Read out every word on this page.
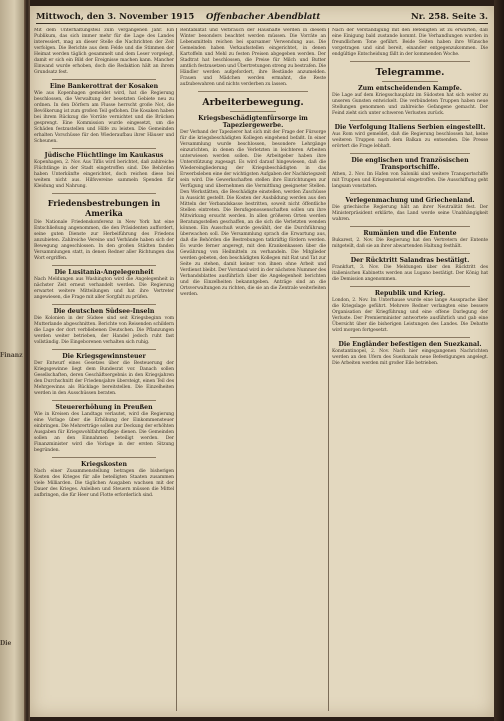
Finanz
Die
Mittwoch, den 3. November 1915 Offenbacher Abendblatt	Nr. 258. Seite 3.

Mit dem Unterhaltungsteil zum vergangenen Jahr. Ein Publikum, das sich immer mehr für die Lage des Landes interessiert, mag an dieser Stelle die Nachrichten der Zeit verfolgen. Die Berichte aus dem Felde und die Stimmen der Heimat werden täglich gesammelt und dem Leser vorgelegt, damit er sich ein Bild der Ereignisse machen kann. Mancher Einwand wurde erhoben, doch die Redaktion hält an ihrem Grundsatz fest.

Eine Bankerottrat der Kosaken

Wie aus Kopenhagen gemeldet wird, hat die Regierung beschlossen, die Verwaltung der besetzten Gebiete neu zu ordnen. In den Dörfern am Flusse herrscht große Not, die Bevölkerung ist zum großen Teil geflohen. Die Kosaken haben bei ihrem Rückzug die Vorräte vernichtet und die Brücken gesprengt. Eine Kommission wurde eingesetzt, um die Schäden festzustellen und Hilfe zu leisten. Die Gemeinden erhalten Vorschüsse für den Wiederaufbau ihrer Häuser und Scheunen.

Jüdische Flüchtlinge im Kaukasus

Kopenhagen, 2. Nov. Aus Tiflis wird berichtet, daß zahlreiche Flüchtlinge in der Stadt eingetroffen sind. Die Behörden haben Unterkünfte eingerichtet, doch reichen diese bei weitem nicht aus. Hilfsvereine sammeln Spenden für Kleidung und Nahrung.

Friedensbestrebungen in Amerika

Die Nationale Friedenskonferenz in New York hat eine Entschließung angenommen, die den Präsidenten auffordert, seine guten Dienste zur Herbeiführung des Friedens anzubieten. Zahlreiche Vereine und Verbände haben sich der Bewegung angeschlossen. In den großen Städten fanden Versammlungen statt, in denen Redner aller Richtungen das Wort ergriffen.

Die Lusitania-Angelegenheit

Nach Meldungen aus Washington wird die Angelegenheit in nächster Zeit erneut verhandelt werden. Die Regierung erwartet weitere Mitteilungen und hat ihre Vertreter angewiesen, die Frage mit aller Sorgfalt zu prüfen.

Die deutschen Südsee-Inseln

Die Kolonien in der Südsee sind seit Kriegsbeginn vom Mutterlande abgeschnitten. Berichte von Reisenden schildern die Lage der dort verbliebenen Deutschen. Die Pflanzungen werden weiter betrieben, der Handel jedoch ruht fast vollständig. Die Eingeborenen verhalten sich ruhig.

Die Kriegsgewinnsteuer

Der Entwurf eines Gesetzes über die Besteuerung der Kriegsgewinne liegt dem Bundesrat vor. Danach sollen Gesellschaften, deren Geschäftsergebnis in den Kriegsjahren den Durchschnitt der Friedensjahre übersteigt, einen Teil des Mehrgewinns als Rücklage bereitstellen. Die Einzelheiten werden in den Ausschüssen beraten.

Steuererhöhung in Preußen

Wie in Kreisen des Landtags verlautet, wird die Regierung eine Vorlage über die Erhöhung der Einkommensteuer einbringen. Die Mehrerträge sollen zur Deckung der erhöhten Ausgaben für Kriegswohlfahrtspflege dienen. Die Gemeinden sollen an den Einnahmen beteiligt werden. Der Finanzminister wird die Vorlage in der ersten Sitzung begründen.

Kriegskosten

Nach einer Zusammenstellung betragen die bisherigen Kosten des Krieges für alle beteiligten Staaten zusammen viele Milliarden. Die täglichen Ausgaben wachsen mit der Dauer des Krieges. Anleihen und Steuern müssen die Mittel aufbringen, die für Heer und Flotte erforderlich sind.

Rentabilität und Verbrauch der Haushalte werden in diesem Winter besonders beachtet werden müssen. Die Vorräte an Lebensmitteln reichen bei sparsamer Verwendung aus. Die Gemeinden haben Verkaufsstellen eingerichtet, in denen Kartoffeln und Mehl zu festen Preisen abgegeben werden. Der Stadtrat hat beschlossen, die Preise für Milch und Butter amtlich festzusetzen und Übertretungen streng zu bestrafen. Die Händler werden aufgefordert, ihre Bestände anzumelden. Frauen und Mädchen werden ermahnt, die Reste aufzubewahren und nichts verderben zu lassen.

Arbeiterbewegung.
Kriegsbeschädigtenfürsorge im Tapeziergewerbe.

Der Verband der Tapezierer hat sich mit der Frage der Fürsorge für die kriegsbeschädigten Kollegen eingehend befaßt. In einer Versammlung wurde beschlossen, besondere Lehrgänge einzurichten, in denen die Verletzten in leichteren Arbeiten unterwiesen werden sollen. Die Arbeitgeber haben ihre Unterstützung zugesagt. Es wird darauf hingewiesen, daß die Wiedereingliederung der Kriegsbeschädigten in das Erwerbsleben eine der wichtigsten Aufgaben der Nachkriegszeit sein wird. Die Gewerkschaften stellen ihre Einrichtungen zur Verfügung und übernehmen die Vermittlung geeigneter Stellen. Den Werkstätten, die Beschädigte einstellen, werden Zuschüsse in Aussicht gestellt. Die Kosten der Ausbildung werden aus den Mitteln der Verbandskasse bestritten, soweit nicht öffentliche Stellen eintreten. Die Berufsgenossenschaften sollen um ihre Mitwirkung ersucht werden. In allen größeren Orten werden Beratungsstellen geschaffen, an die sich die Verletzten wenden können. Ein Ausschuß wurde gewählt, der die Durchführung überwachen soll. Die Versammlung sprach die Erwartung aus, daß die Behörden die Bestrebungen tatkräftig fördern werden. Es wurde ferner angeregt, mit den Krankenkassen über die Gewährung von Heilmitteln zu verhandeln. Die Mitglieder werden gebeten, den beschädigten Kollegen mit Rat und Tat zur Seite zu stehen, damit keiner von ihnen ohne Arbeit und Verdienst bleibt. Der Vorstand wird in der nächsten Nummer des Verbandsblattes ausführlich über die Angelegenheit berichten und die Einzelheiten bekanntgeben. Anträge sind an die Ortsverwaltungen zu richten, die sie an die Zentrale weiterleiten werden.

Nach der Verständigung mit den Beteiligten ist zu erwarten, daß eine Einigung bald zustande kommt. Die Verhandlungen wurden in freundlichem Tone geführt. Beide Seiten haben ihre Wünsche vorgetragen und sind bereit, einander entgegenzukommen. Die endgültige Entscheidung fällt in der kommenden Woche.

Telegramme.
Zum entscheidenden Kampfe.

Die Lage auf dem Kriegsschauplatz im Südosten hat sich weiter zu unseren Gunsten entwickelt. Die verbündeten Truppen haben neue Stellungen genommen und zahlreiche Gefangene gemacht. Der Feind zieht sich unter schweren Verlusten zurück.

Die Verfolgung Italiens Serbien eingestellt.

Aus Rom wird gemeldet, daß die Regierung beschlossen hat, keine weiteren Truppen nach dem Balkan zu entsenden. Die Presse erörtert die Frage lebhaft.

Die englischen und französischen Transportschiffe.

Athen, 2. Nov. Im Hafen von Saloniki sind weitere Transportschiffe mit Truppen und Kriegsmaterial eingetroffen. Die Ausschiffung geht langsam vonstatten.

Verlegenmachung und Griechenland.

Die griechische Regierung hält an ihrer Neutralität fest. Der Ministerpräsident erklärte, das Land werde seine Unabhängigkeit wahren.

Rumänien und die Entente

Bukarest, 2. Nov. Die Regierung hat den Vertretern der Entente mitgeteilt, daß sie an ihrer abwartenden Haltung festhält.

Der Rücktritt Salandras bestätigt.

Frankfurt, 3. Nov. Die Meldungen über den Rücktritt des italienischen Kabinetts werden aus Lugano bestätigt. Der König hat die Demission angenommen.

Republik und Krieg.

London, 2. Nov. Im Unterhause wurde eine lange Aussprache über die Kriegslage geführt. Mehrere Redner verlangten eine bessere Organisation der Kriegführung und eine offene Darlegung der Verluste. Der Premierminister antwortete ausführlich und gab eine Übersicht über die bisherigen Leistungen des Landes. Die Debatte wird morgen fortgesetzt.

Die Engländer befestigen den Suezkanal.

Konstantinopel, 2. Nov. Nach hier eingegangenen Nachrichten werden an den Ufern des Suezkanals neue Befestigungen angelegt. Die Arbeiten werden mit großer Eile betrieben.
